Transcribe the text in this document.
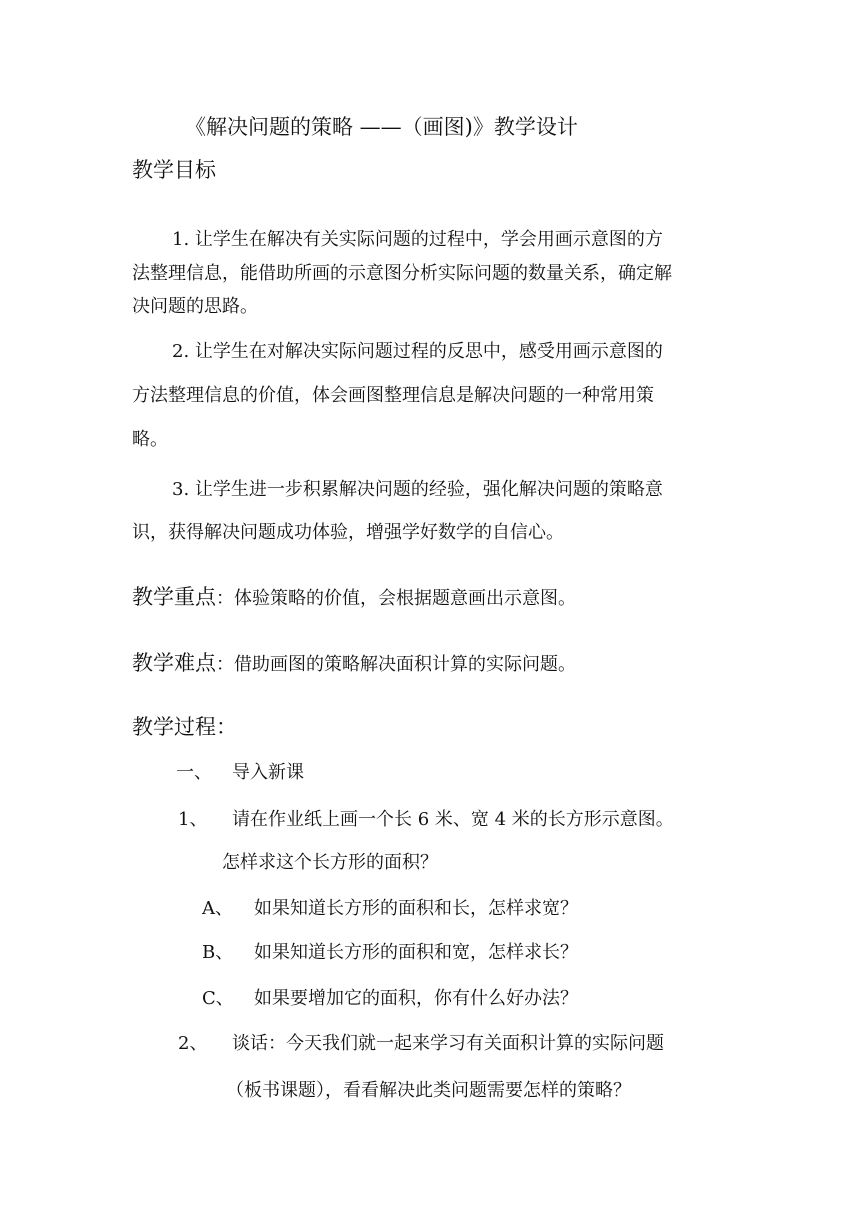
《解决问题的策略 ——（画图)》教学设计
教学目标
1. 让学生在解决有关实际问题的过程中，学会用画示意图的方
法整理信息，能借助所画的示意图分析实际问题的数量关系，确定解
决问题的思路。
2. 让学生在对解决实际问题过程的反思中，感受用画示意图的
方法整理信息的价值，体会画图整理信息是解决问题的一种常用策
略。
3. 让学生进一步积累解决问题的经验，强化解决问题的策略意
识，获得解决问题成功体验，增强学好数学的自信心。
教学重点：体验策略的价值，会根据题意画出示意图。
教学难点：借助画图的策略解决面积计算的实际问题。
教学过程：
一、 导入新课
1、 请在作业纸上画一个长 6 米、宽 4 米的长方形示意图。
怎样求这个长方形的面积？
A、 如果知道长方形的面积和长，怎样求宽？
B、 如果知道长方形的面积和宽，怎样求长？
C、 如果要增加它的面积，你有什么好办法？
2、 谈话：今天我们就一起来学习有关面积计算的实际问题
（板书课题），看看解决此类问题需要怎样的策略？
